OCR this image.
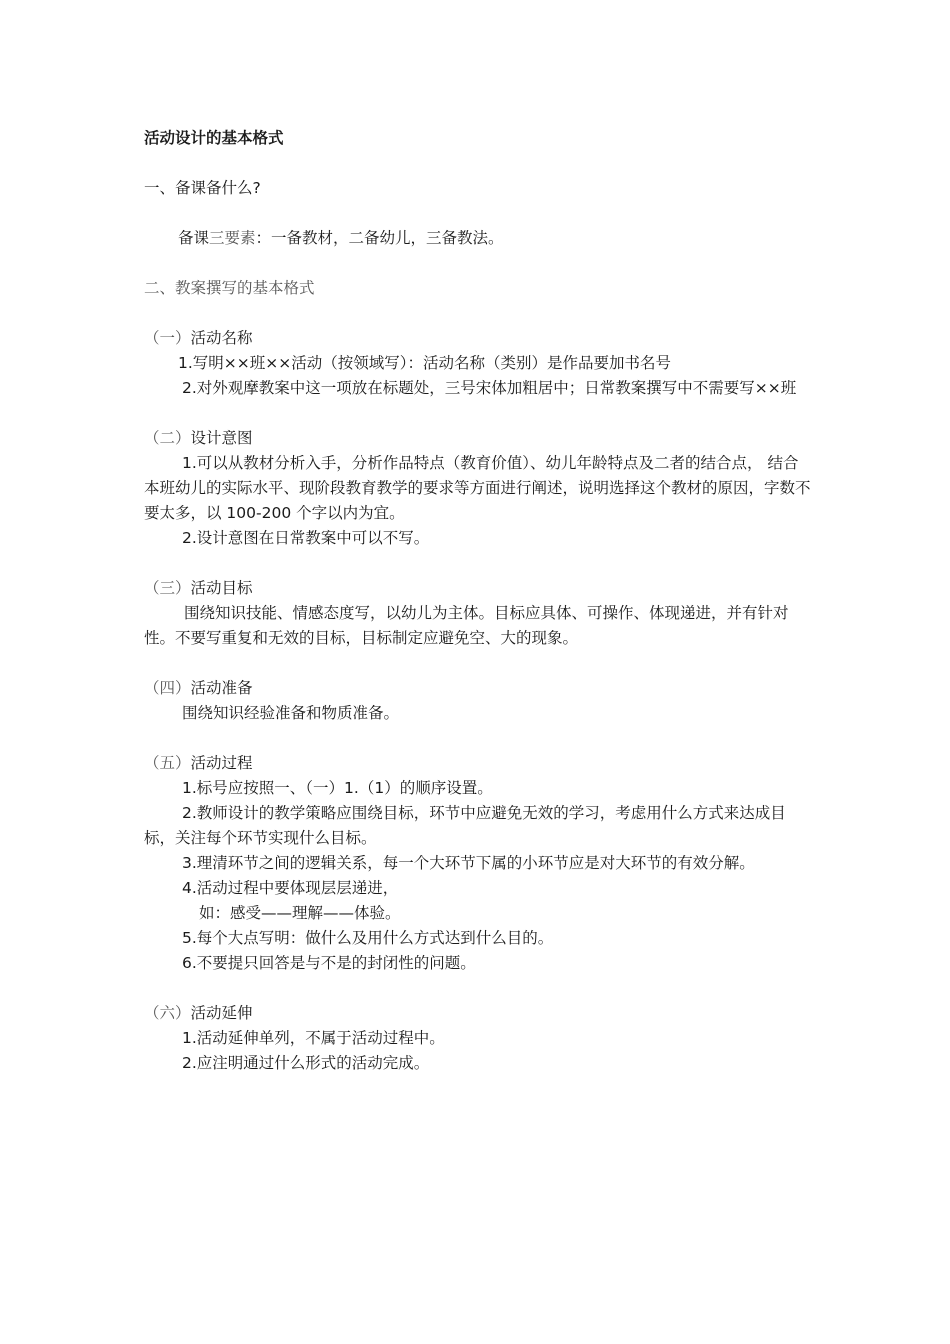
活动设计的基本格式

一、备课备什么?

备课三要素：一备教材，二备幼儿，三备教法。

二、教案撰写的基本格式

（一）活动名称

1.写明××班××活动（按领域写）：活动名称（类别）是作品要加书名号

2.对外观摩教案中这一项放在标题处，三号宋体加粗居中；日常教案撰写中不需要写××班

（二）设计意图

1.可以从教材分析入手，分析作品特点（教育价值）、幼儿年龄特点及二者的结合点， 结合本班幼儿的实际水平、现阶段教育教学的要求等方面进行阐述，说明选择这个教材的原因，字数不要太多，以 100-200 个字以内为宜。

2.设计意图在日常教案中可以不写。

（三）活动目标

围绕知识技能、情感态度写，以幼儿为主体。目标应具体、可操作、体现递进，并有针对性。不要写重复和无效的目标，目标制定应避免空、大的现象。

（四）活动准备

围绕知识经验准备和物质准备。

（五）活动过程

1.标号应按照一、（一）1.（1）的顺序设置。

2.教师设计的教学策略应围绕目标，环节中应避免无效的学习，考虑用什么方式来达成目标，关注每个环节实现什么目标。

3.理清环节之间的逻辑关系，每一个大环节下属的小环节应是对大环节的有效分解。

4.活动过程中要体现层层递进，

如：感受——理解——体验。

5.每个大点写明：做什么及用什么方式达到什么目的。

6.不要提只回答是与不是的封闭性的问题。

（六）活动延伸

1.活动延伸单列，不属于活动过程中。

2.应注明通过什么形式的活动完成。
